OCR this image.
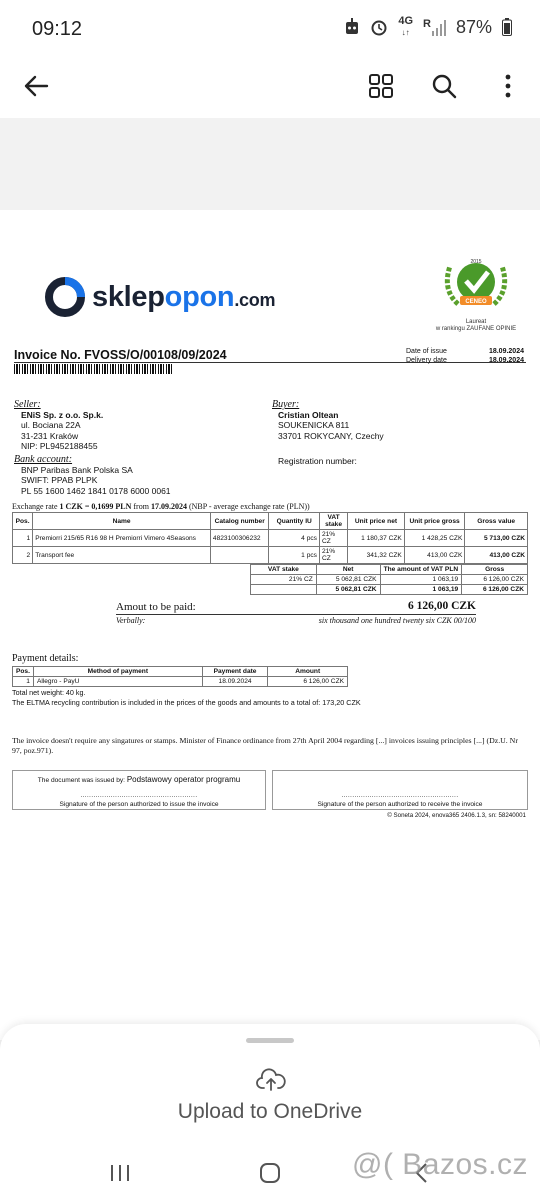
09:12	4G
↓↑
R 87%
sklepopon.com	CENEO
2015
Laureat
w rankingu ZAUFANE OPINIE
Invoice No. FVOSS/O/00108/09/2024	Date of issue	18.09.2024
Delivery date	18.09.2024
Seller:
ENiS Sp. z o.o. Sp.k.
ul. Bociana 22A
31-231 Kraków
NIP: PL9452188455
Buyer:
Cristian Oltean
SOUKENICKA 811
33701 ROKYCANY, Czechy
Bank account:
BNP Paribas Bank Polska SA
SWIFT: PPAB PLPK
PL 55 1600 1462 1841 0178 6000 0061
Registration number:
Exchange rate 1 CZK = 0,1699 PLN from 17.09.2024 (NBP - average exchange rate (PLN))
Pos.	Name	Catalog number	Quantity IU	VAT stake	Unit price net	Unit price gross	Gross value
1	Premiorri 215/65 R16 98 H Premiorri Vimero 4Seasons	4823100306232	4 pcs	21% CZ	1 180,37 CZK	1 428,25 CZK	5 713,00 CZK
2	Transport fee		1 pcs	21% CZ	341,32 CZK	413,00 CZK	413,00 CZK
VAT stake	Net	The amount of VAT PLN	Gross
21% CZ	5 062,81 CZK	1 063,19	6 126,00 CZK
	5 062,81 CZK	1 063,19	6 126,00 CZK
Amout to be paid:	6 126,00 CZK
Verbally:	six thousand one hundred twenty six CZK 00/100
Payment details:
Pos.	Method of payment	Payment date	Amount
1	Allegro - PayU	18.09.2024	6 126,00 CZK
Total net weight: 40 kg.
The ELTMA recycling contribution is included in the prices of the goods and amounts to a total of: 173,20 CZK
The invoice doesn't require any singatures or stamps. Minister of Finance ordinance from 27th April 2004 regarding [...] invoices issuing principles [...] (Dz.U. Nr 97, poz.971).
The document was issued by: Podstawowy operator programu
......................................................
Signature of the person authorized to issue the invoice
......................................................
Signature of the person authorized to receive the invoice
© Soneta 2024, enova365 2406.1.3, sn: 58240001
Upload to OneDrive
@( Bazos.cz
